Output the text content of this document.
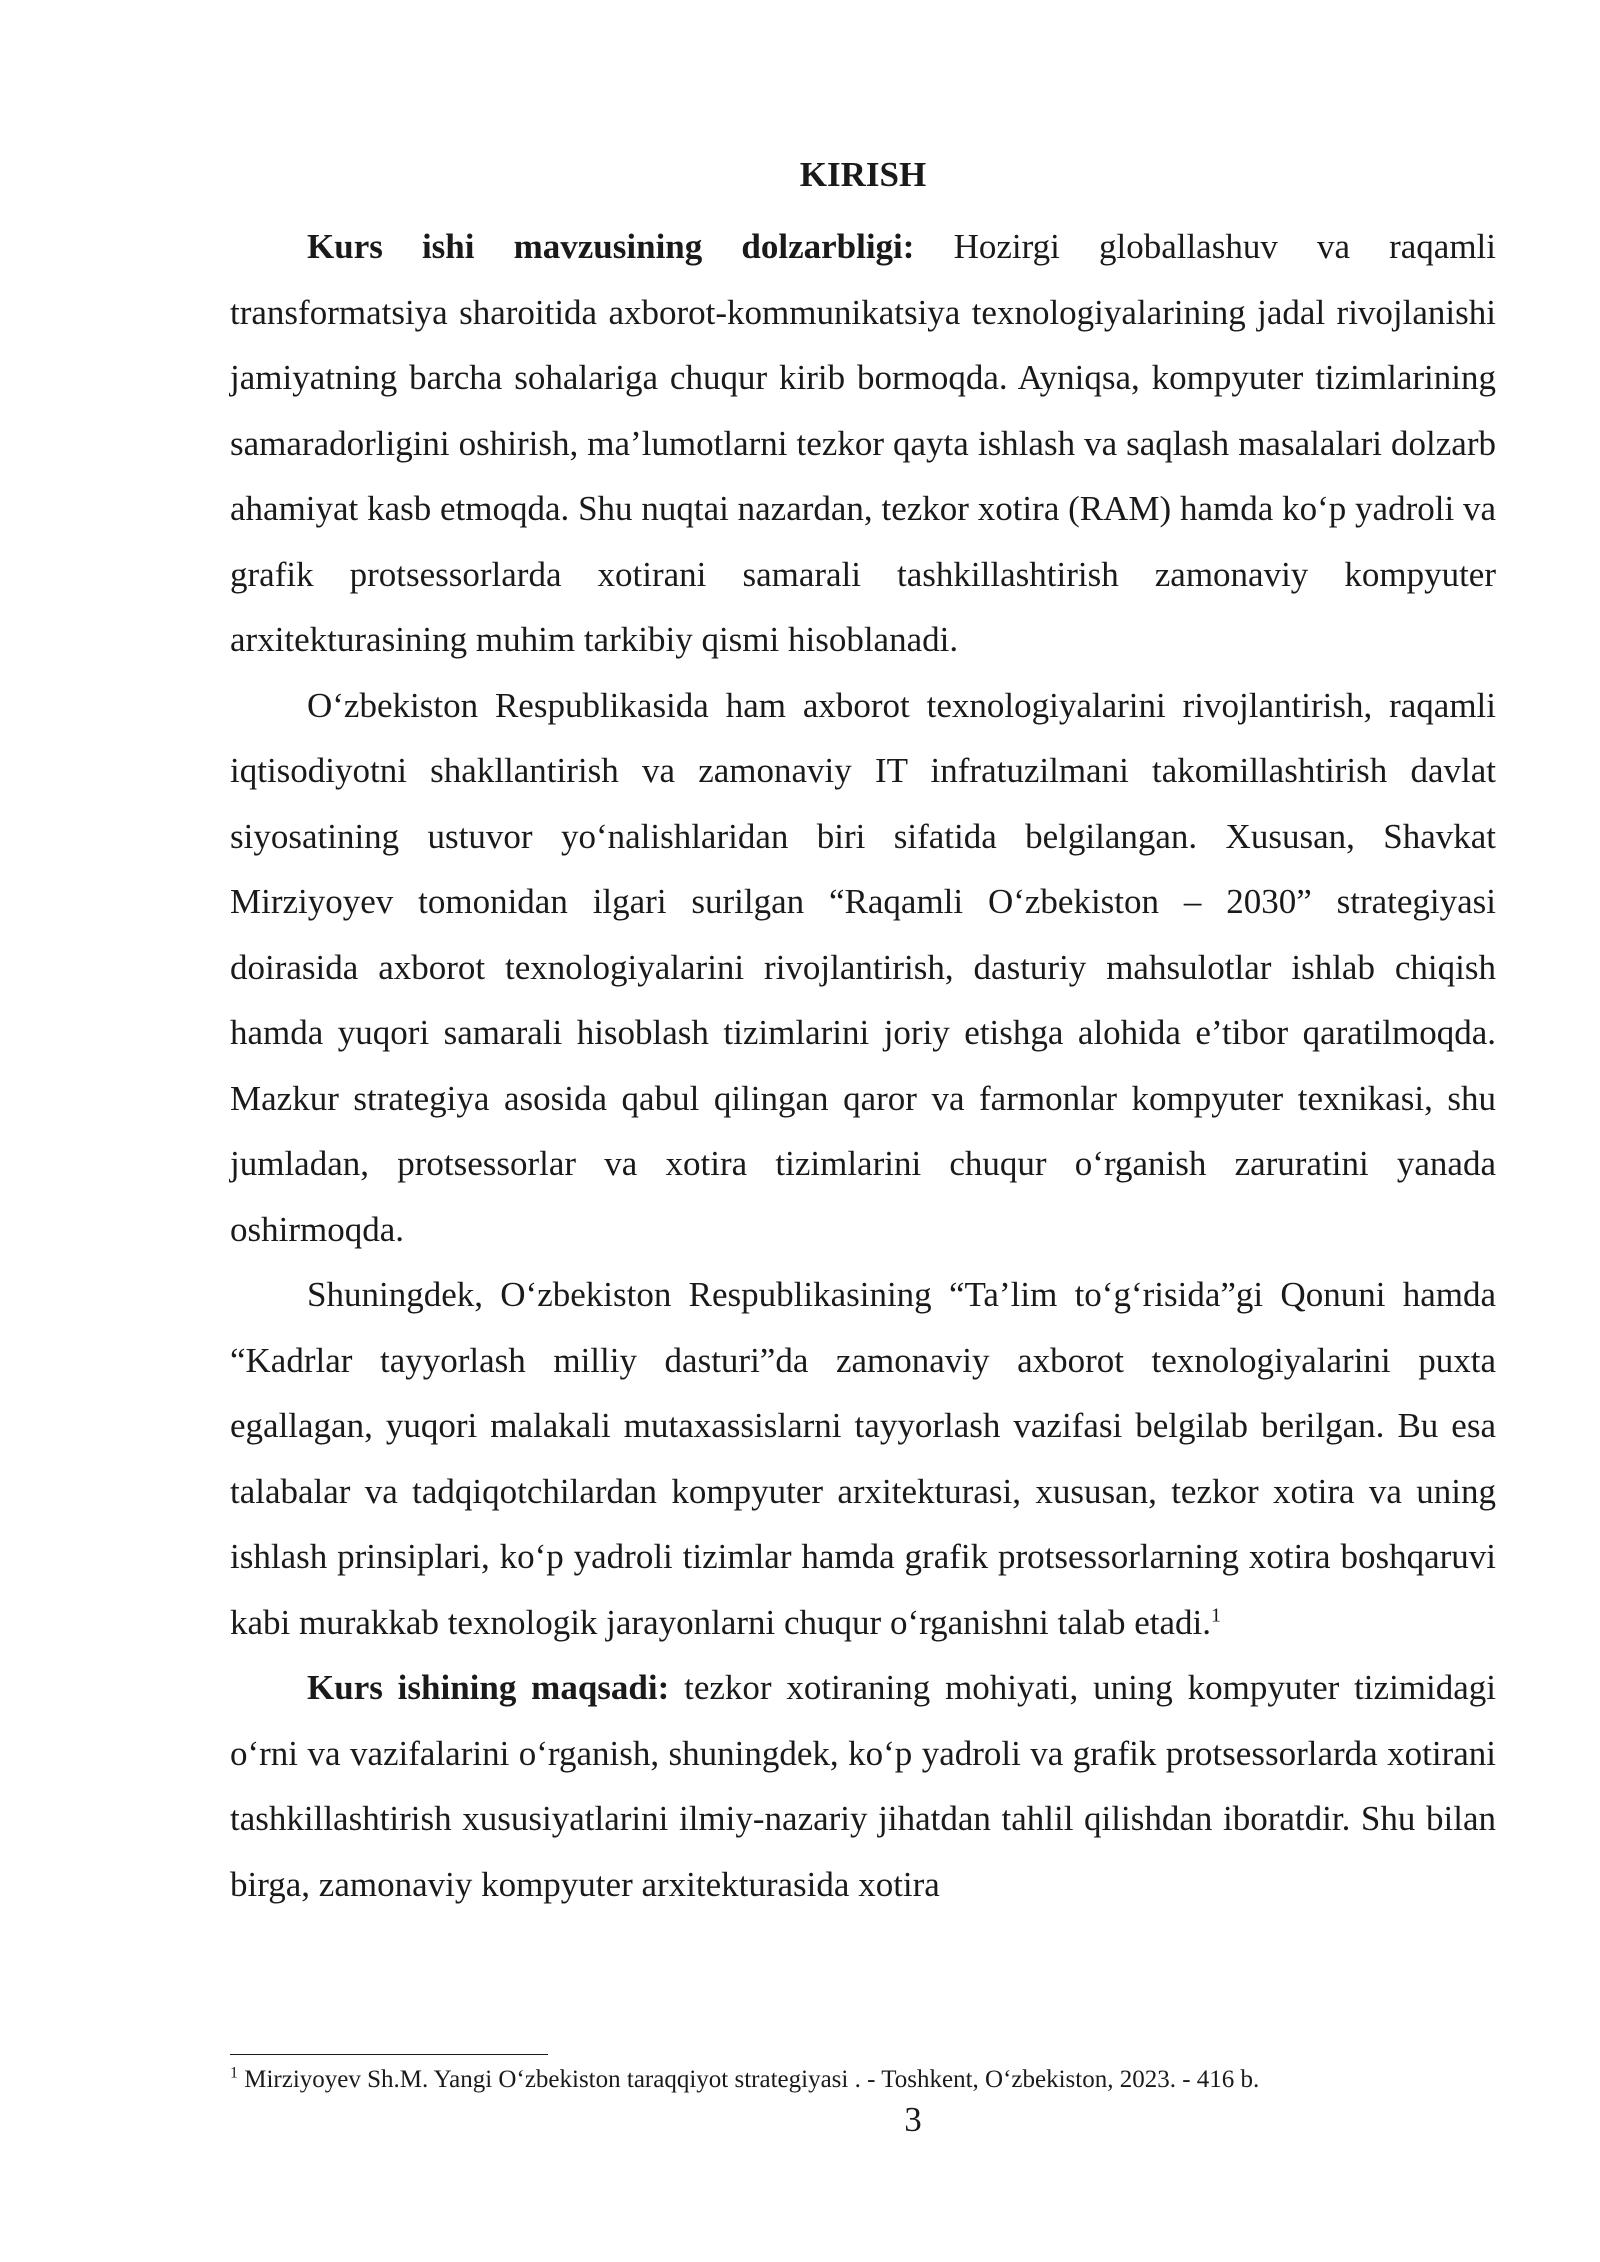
KIRISH

Kurs ishi mavzusining dolzarbligi: Hozirgi globallashuv va raqamli transformatsiya sharoitida axborot-kommunikatsiya texnologiyalarining jadal rivojlanishi jamiyatning barcha sohalariga chuqur kirib bormoqda. Ayniqsa, kompyuter tizimlarining samaradorligini oshirish, ma’lumotlarni tezkor qayta ishlash va saqlash masalalari dolzarb ahamiyat kasb etmoqda. Shu nuqtai nazardan, tezkor xotira (RAM) hamda ko‘p yadroli va grafik protsessorlarda xotirani samarali tashkillashtirish zamonaviy kompyuter arxitekturasining muhim tarkibiy qismi hisoblanadi.

O‘zbekiston Respublikasida ham axborot texnologiyalarini rivojlantirish, raqamli iqtisodiyotni shakllantirish va zamonaviy IT infratuzilmani takomillashtirish davlat siyosatining ustuvor yo‘nalishlaridan biri sifatida belgilangan. Xususan, Shavkat Mirziyoyev tomonidan ilgari surilgan “Raqamli O‘zbekiston – 2030” strategiyasi doirasida axborot texnologiyalarini rivojlantirish, dasturiy mahsulotlar ishlab chiqish hamda yuqori samarali hisoblash tizimlarini joriy etishga alohida e’tibor qaratilmoqda. Mazkur strategiya asosida qabul qilingan qaror va farmonlar kompyuter texnikasi, shu jumladan, protsessorlar va xotira tizimlarini chuqur o‘rganish zaruratini yanada oshirmoqda.

Shuningdek, O‘zbekiston Respublikasining “Ta’lim to‘g‘risida”gi Qonuni hamda “Kadrlar tayyorlash milliy dasturi”da zamonaviy axborot texnologiyalarini puxta egallagan, yuqori malakali mutaxassislarni tayyorlash vazifasi belgilab berilgan. Bu esa talabalar va tadqiqotchilardan kompyuter arxitekturasi, xususan, tezkor xotira va uning ishlash prinsiplari, ko‘p yadroli tizimlar hamda grafik protsessorlarning xotira boshqaruvi kabi murakkab texnologik jarayonlarni chuqur o‘rganishni talab etadi.$^1$

Kurs ishining maqsadi: tezkor xotiraning mohiyati, uning kompyuter tizimidagi o‘rni va vazifalarini o‘rganish, shuningdek, ko‘p yadroli va grafik protsessorlarda xotirani tashkillashtirish xususiyatlarini ilmiy-nazariy jihatdan tahlil qilishdan iboratdir. Shu bilan birga, zamonaviy kompyuter arxitekturasida xotira

$^1$ Mirziyoyev Sh.M. Yangi O‘zbekiston taraqqiyot strategiyasi . - Toshkent, O‘zbekiston, 2023. - 416 b.
3
